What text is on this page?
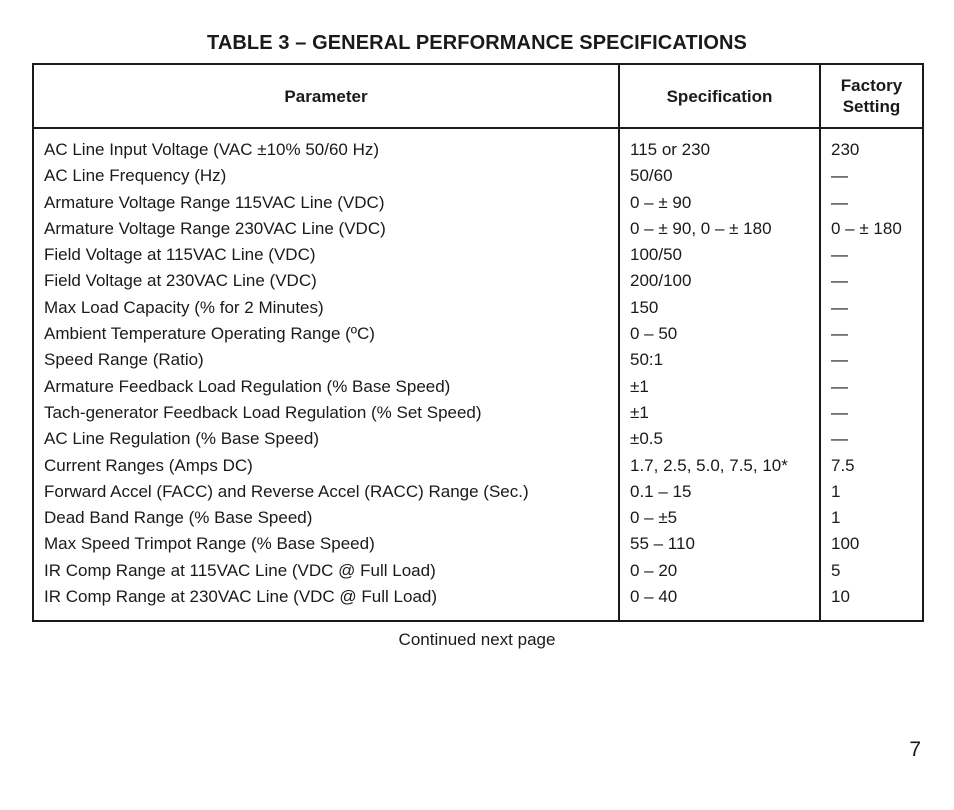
TABLE 3 – GENERAL PERFORMANCE SPECIFICATIONS
Parameter	Specification	Factory
Setting
AC Line Input Voltage (VAC ±10% 50/60 Hz)	115 or 230	230
AC Line Frequency (Hz)	50/60	—
Armature Voltage Range 115VAC Line (VDC)	0 – ± 90	—
Armature Voltage Range 230VAC Line (VDC)	0 – ± 90, 0 – ± 180	0 – ± 180
Field Voltage at 115VAC Line (VDC)	100/50	—
Field Voltage at 230VAC Line (VDC)	200/100	—
Max Load Capacity (% for 2 Minutes)	150	—
Ambient Temperature Operating Range (ºC)	0 – 50	—
Speed Range (Ratio)	50:1	—
Armature Feedback Load Regulation (% Base Speed)	±1	—
Tach-generator Feedback Load Regulation (% Set Speed)	±1	—
AC Line Regulation (% Base Speed)	±0.5	—
Current Ranges (Amps DC)	1.7, 2.5, 5.0, 7.5, 10*	7.5
Forward Accel (FACC) and Reverse Accel (RACC) Range (Sec.)	0.1 – 15	1
Dead Band Range (% Base Speed)	0 – ±5	1
Max Speed Trimpot Range (% Base Speed)	55 – 110	100
IR Comp Range at 115VAC Line (VDC @ Full Load)	0 – 20	5
IR Comp Range at 230VAC Line (VDC @ Full Load)	0 – 40	10
Continued next page
7
